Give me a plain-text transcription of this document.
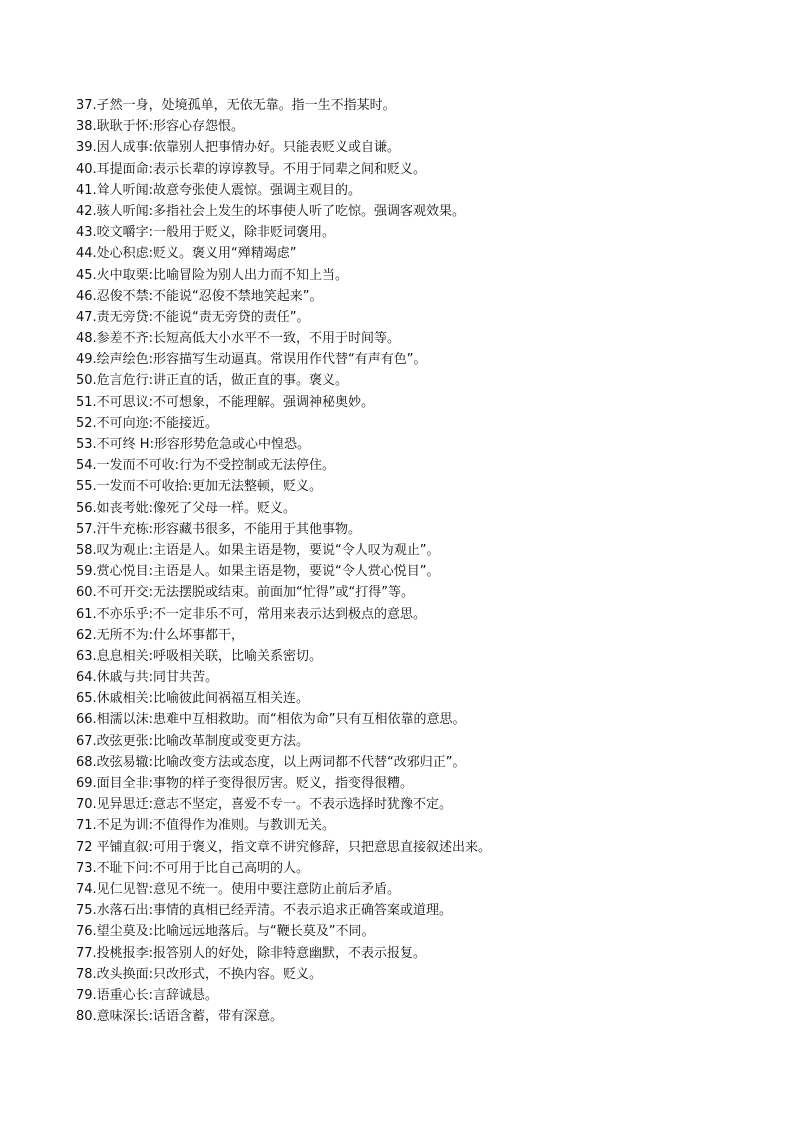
37.孑然一身，处境孤单，无依无靠。指一生不指某时。
38.耿耿于怀:形容心存怨恨。
39.因人成事:依靠别人把事情办好。只能表贬义或自谦。
40.耳提面命:表示长辈的谆谆教导。不用于同辈之间和贬义。
41.耸人听闻:故意夸张使人震惊。强调主观目的。
42.骇人听闻:多指社会上发生的坏事使人听了吃惊。强调客观效果。
43.咬文嚼字:一般用于贬义，除非贬词褒用。
44.处心积虑:贬义。褒义用“殚精竭虑”
45.火中取栗:比喻冒险为别人出力而不知上当。
46.忍俊不禁:不能说“忍俊不禁地笑起来”。
47.责无旁贷:不能说“责无旁贷的责任”。
48.参差不齐:长短高低大小水平不一致，不用于时间等。
49.绘声绘色:形容描写生动逼真。常误用作代替“有声有色”。
50.危言危行:讲正直的话，做正直的事。褒义。
51.不可思议:不可想象，不能理解。强调神秘奥妙。
52.不可向迩:不能接近。
53.不可终 H:形容形势危急或心中惶恐。
54.一发而不可收:行为不受控制或无法停住。
55.一发而不可收拾:更加无法整顿，贬义。
56.如丧考妣:像死了父母一样。贬义。
57.汗牛充栋:形容藏书很多，不能用于其他事物。
58.叹为观止:主语是人。如果主语是物，要说“令人叹为观止”。
59.赏心悦目:主语是人。如果主语是物，要说“令人赏心悦目”。
60.不可开交:无法摆脱或结束。前面加“忙得”或“打得”等。
61.不亦乐乎:不一定非乐不可，常用来表示达到极点的意思。
62.无所不为:什么坏事都干，
63.息息相关:呼吸相关联，比喻关系密切。
64.休戚与共:同甘共苦。
65.休戚相关:比喻彼此间祸福互相关连。
66.相濡以沫:患难中互相救助。而“相依为命”只有互相依靠的意思。
67.改弦更张:比喻改革制度或变更方法。
68.改弦易辙:比喻改变方法或态度，以上两词都不代替“改邪归正”。
69.面目全非:事物的样子变得很厉害。贬义，指变得很糟。
70.见异思迁:意志不坚定，喜爱不专一。不表示选择时犹豫不定。
71.不足为训:不值得作为准则。与教训无关。
72 平铺直叙:可用于褒义，指文章不讲究修辞，只把意思直接叙述出来。
73.不耻下问:不可用于比自己高明的人。
74.见仁见智:意见不统一。使用中要注意防止前后矛盾。
75.水落石出:事情的真相已经弄清。不表示追求正确答案或道理。
76.望尘莫及:比喻远远地落后。与“鞭长莫及”不同。
77.投桃报李:报答别人的好处，除非特意幽默，不表示报复。
78.改头换面:只改形式，不换内容。贬义。
79.语重心长:言辞诚恳。
80.意味深长:话语含蓄，带有深意。
